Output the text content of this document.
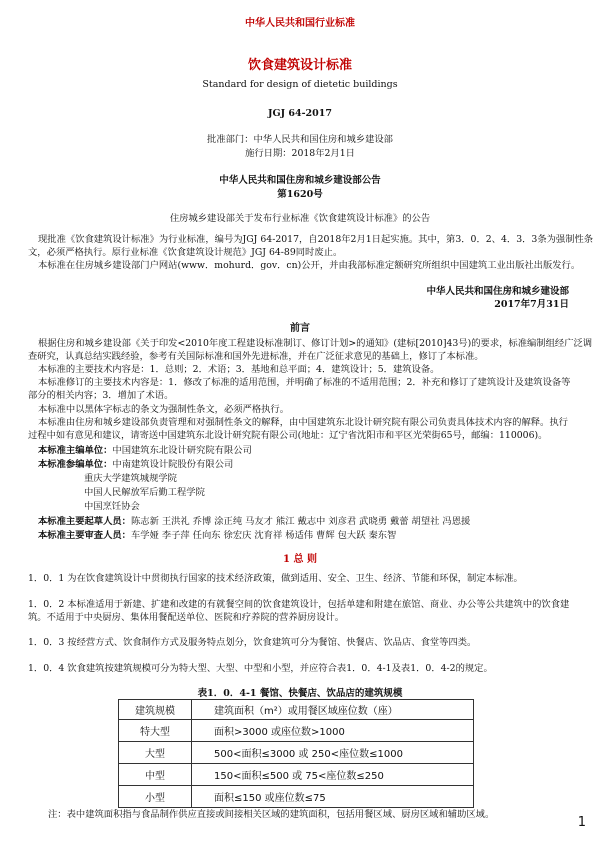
中华人民共和国行业标准
饮食建筑设计标准
Standard for design of dietetic buildings
JGJ 64-2017
批准部门：中华人民共和国住房和城乡建设部
施行日期：2018年2月1日
中华人民共和国住房和城乡建设部公告
第1620号
住房城乡建设部关于发布行业标准《饮食建筑设计标准》的公告
现批准《饮食建筑设计标准》为行业标准，编号为JGJ 64-2017，自2018年2月1日起实施。其中，第3．0．2、4．3．3条为强制性条
文，必须严格执行。原行业标准《饮食建筑设计规范》JGJ 64-89同时废止。
本标准在住房城乡建设部门户网站(www．mohurd．gov．cn)公开，并由我部标准定额研究所组织中国建筑工业出版社出版发行。
中华人民共和国住房和城乡建设部
2017年7月31日
前言
根据住房和城乡建设部《关于印发<2010年度工程建设标准制订、修订计划>的通知》(建标[2010]43号)的要求，标准编制组经广泛调
查研究，认真总结实践经验，参考有关国际标准和国外先进标准，并在广泛征求意见的基础上，修订了本标准。
本标准的主要技术内容是：1．总则；2．术语；3．基地和总平面；4．建筑设计；5．建筑设备。
本标准修订的主要技术内容是：1．修改了标准的适用范围，并明确了标准的不适用范围；2．补充和修订了建筑设计及建筑设备等
部分的相关内容；3．增加了术语。
本标准中以黑体字标志的条文为强制性条文，必须严格执行。
本标准由住房和城乡建设部负责管理和对强制性条文的解释，由中国建筑东北设计研究院有限公司负责具体技术内容的解释。执行
过程中如有意见和建议，请寄送中国建筑东北设计研究院有限公司(地址：辽宁省沈阳市和平区光荣街65号，邮编：110006)。
本标准主编单位：中国建筑东北设计研究院有限公司
本标准参编单位：中南建筑设计院股份有限公司
重庆大学建筑城规学院
中国人民解放军后勤工程学院
中国烹饪协会
本标准主要起草人员：陈志新 王洪礼 乔博 涂正纯 马友才 熊江 戴志中 刘彦君 武晓勇 戴蕾 胡望社 冯恩援
本标准主要审查人员：车学娅 李子萍 任向东 徐宏庆 沈育祥 杨适伟 曹辉 包大跃 秦东智
1 总 则
1．0．1 为在饮食建筑设计中贯彻执行国家的技术经济政策，做到适用、安全、卫生、经济、节能和环保，制定本标准。
1．0．2 本标准适用于新建、扩建和改建的有就餐空间的饮食建筑设计，包括单建和附建在旅馆、商业、办公等公共建筑中的饮食建
筑。不适用于中央厨房、集体用餐配送单位、医院和疗养院的营养厨房设计。
1．0．3 按经营方式、饮食制作方式及服务特点划分，饮食建筑可分为餐馆、快餐店、饮品店、食堂等四类。
1．0．4 饮食建筑按建筑规模可分为特大型、大型、中型和小型，并应符合表1．0．4-1及表1．0．4-2的规定。
表1．0．4-1 餐馆、快餐店、饮品店的建筑规模
建筑规模	建筑面积（m²）或用餐区域座位数（座）
特大型	面积>3000 或座位数>1000
大型	500<面积≤3000 或 250<座位数≤1000
中型	150<面积≤500 或 75<座位数≤250
小型	面积≤150 或座位数≤75
注：表中建筑面积指与食品制作供应直接或间接相关区域的建筑面积，包括用餐区域、厨房区域和辅助区域。
1
